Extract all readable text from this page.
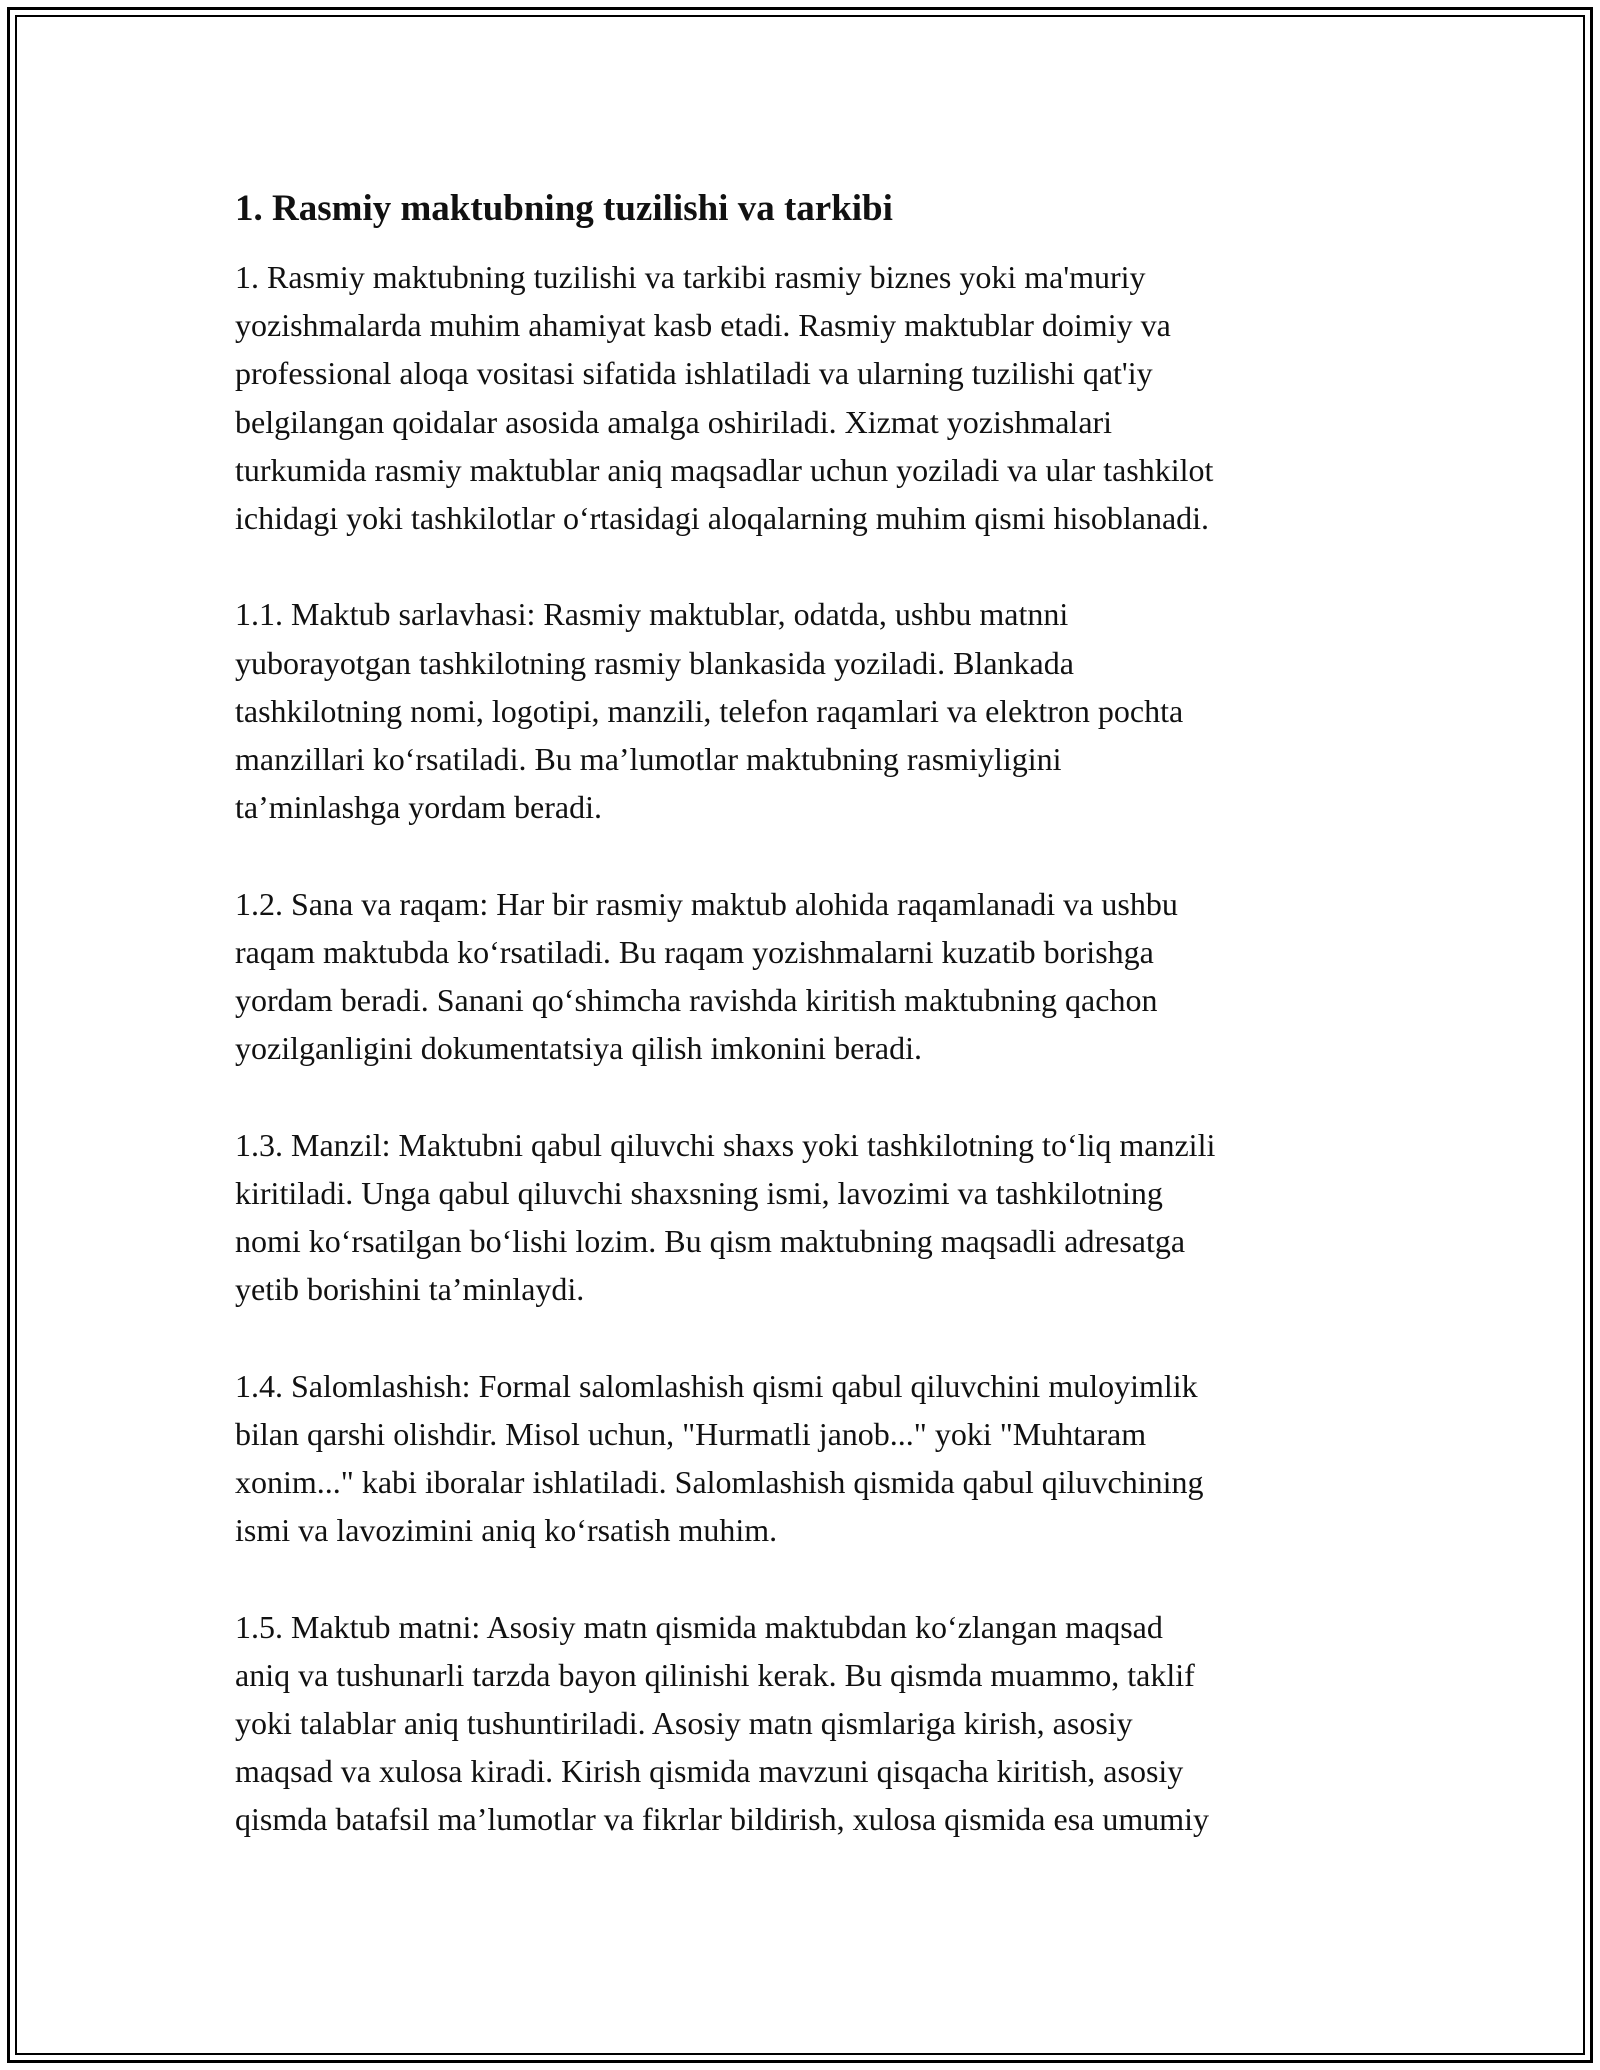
1. Rasmiy maktubning tuzilishi va tarkibi
1. Rasmiy maktubning tuzilishi va tarkibi rasmiy biznes yoki ma'muriy
yozishmalarda muhim ahamiyat kasb etadi. Rasmiy maktublar doimiy va
professional aloqa vositasi sifatida ishlatiladi va ularning tuzilishi qat'iy
belgilangan qoidalar asosida amalga oshiriladi. Xizmat yozishmalari
turkumida rasmiy maktublar aniq maqsadlar uchun yoziladi va ular tashkilot
ichidagi yoki tashkilotlar o‘rtasidagi aloqalarning muhim qismi hisoblanadi.
1.1. Maktub sarlavhasi: Rasmiy maktublar, odatda, ushbu matnni
yuborayotgan tashkilotning rasmiy blankasida yoziladi. Blankada
tashkilotning nomi, logotipi, manzili, telefon raqamlari va elektron pochta
manzillari ko‘rsatiladi. Bu ma’lumotlar maktubning rasmiyligini
ta’minlashga yordam beradi.
1.2. Sana va raqam: Har bir rasmiy maktub alohida raqamlanadi va ushbu
raqam maktubda ko‘rsatiladi. Bu raqam yozishmalarni kuzatib borishga
yordam beradi. Sanani qo‘shimcha ravishda kiritish maktubning qachon
yozilganligini dokumentatsiya qilish imkonini beradi.
1.3. Manzil: Maktubni qabul qiluvchi shaxs yoki tashkilotning to‘liq manzili
kiritiladi. Unga qabul qiluvchi shaxsning ismi, lavozimi va tashkilotning
nomi ko‘rsatilgan bo‘lishi lozim. Bu qism maktubning maqsadli adresatga
yetib borishini ta’minlaydi.
1.4. Salomlashish: Formal salomlashish qismi qabul qiluvchini muloyimlik
bilan qarshi olishdir. Misol uchun, "Hurmatli janob..." yoki "Muhtaram
xonim..." kabi iboralar ishlatiladi. Salomlashish qismida qabul qiluvchining
ismi va lavozimini aniq ko‘rsatish muhim.
1.5. Maktub matni: Asosiy matn qismida maktubdan ko‘zlangan maqsad
aniq va tushunarli tarzda bayon qilinishi kerak. Bu qismda muammo, taklif
yoki talablar aniq tushuntiriladi. Asosiy matn qismlariga kirish, asosiy
maqsad va xulosa kiradi. Kirish qismida mavzuni qisqacha kiritish, asosiy
qismda batafsil ma’lumotlar va fikrlar bildirish, xulosa qismida esa umumiy
